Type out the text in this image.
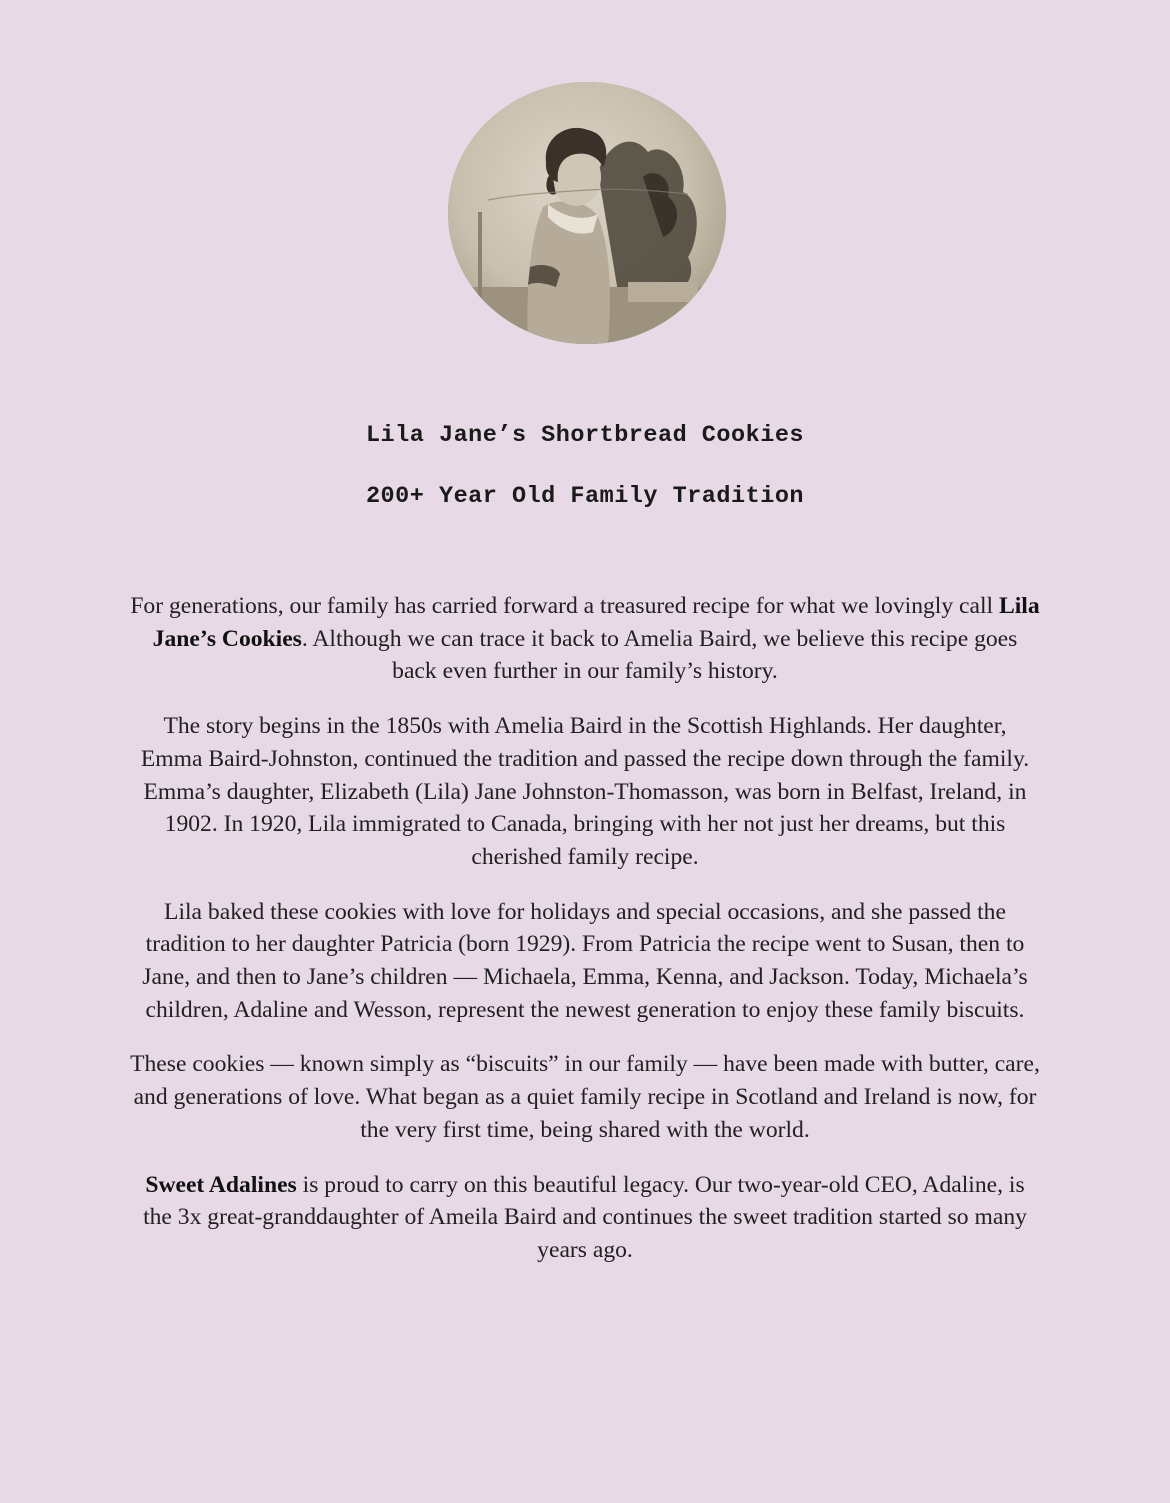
Lila Jane’s Shortbread Cookies
200+ Year Old Family Tradition

For generations, our family has carried forward a treasured recipe for what we lovingly call Lila Jane’s Cookies. Although we can trace it back to Amelia Baird, we believe this recipe goes back even further in our family’s history.

The story begins in the 1850s with Amelia Baird in the Scottish Highlands. Her daughter, Emma Baird-Johnston, continued the tradition and passed the recipe down through the family. Emma’s daughter, Elizabeth (Lila) Jane Johnston-Thomasson, was born in Belfast, Ireland, in 1902. In 1920, Lila immigrated to Canada, bringing with her not just her dreams, but this cherished family recipe.

Lila baked these cookies with love for holidays and special occasions, and she passed the tradition to her daughter Patricia (born 1929). From Patricia the recipe went to Susan, then to Jane, and then to Jane’s children — Michaela, Emma, Kenna, and Jackson. Today, Michaela’s children, Adaline and Wesson, represent the newest generation to enjoy these family biscuits.

These cookies — known simply as “biscuits” in our family — have been made with butter, care, and generations of love. What began as a quiet family recipe in Scotland and Ireland is now, for the very first time, being shared with the world.

Sweet Adalines is proud to carry on this beautiful legacy. Our two-year-old CEO, Adaline, is the 3x great-granddaughter of Ameila Baird and continues the sweet tradition started so many years ago.
